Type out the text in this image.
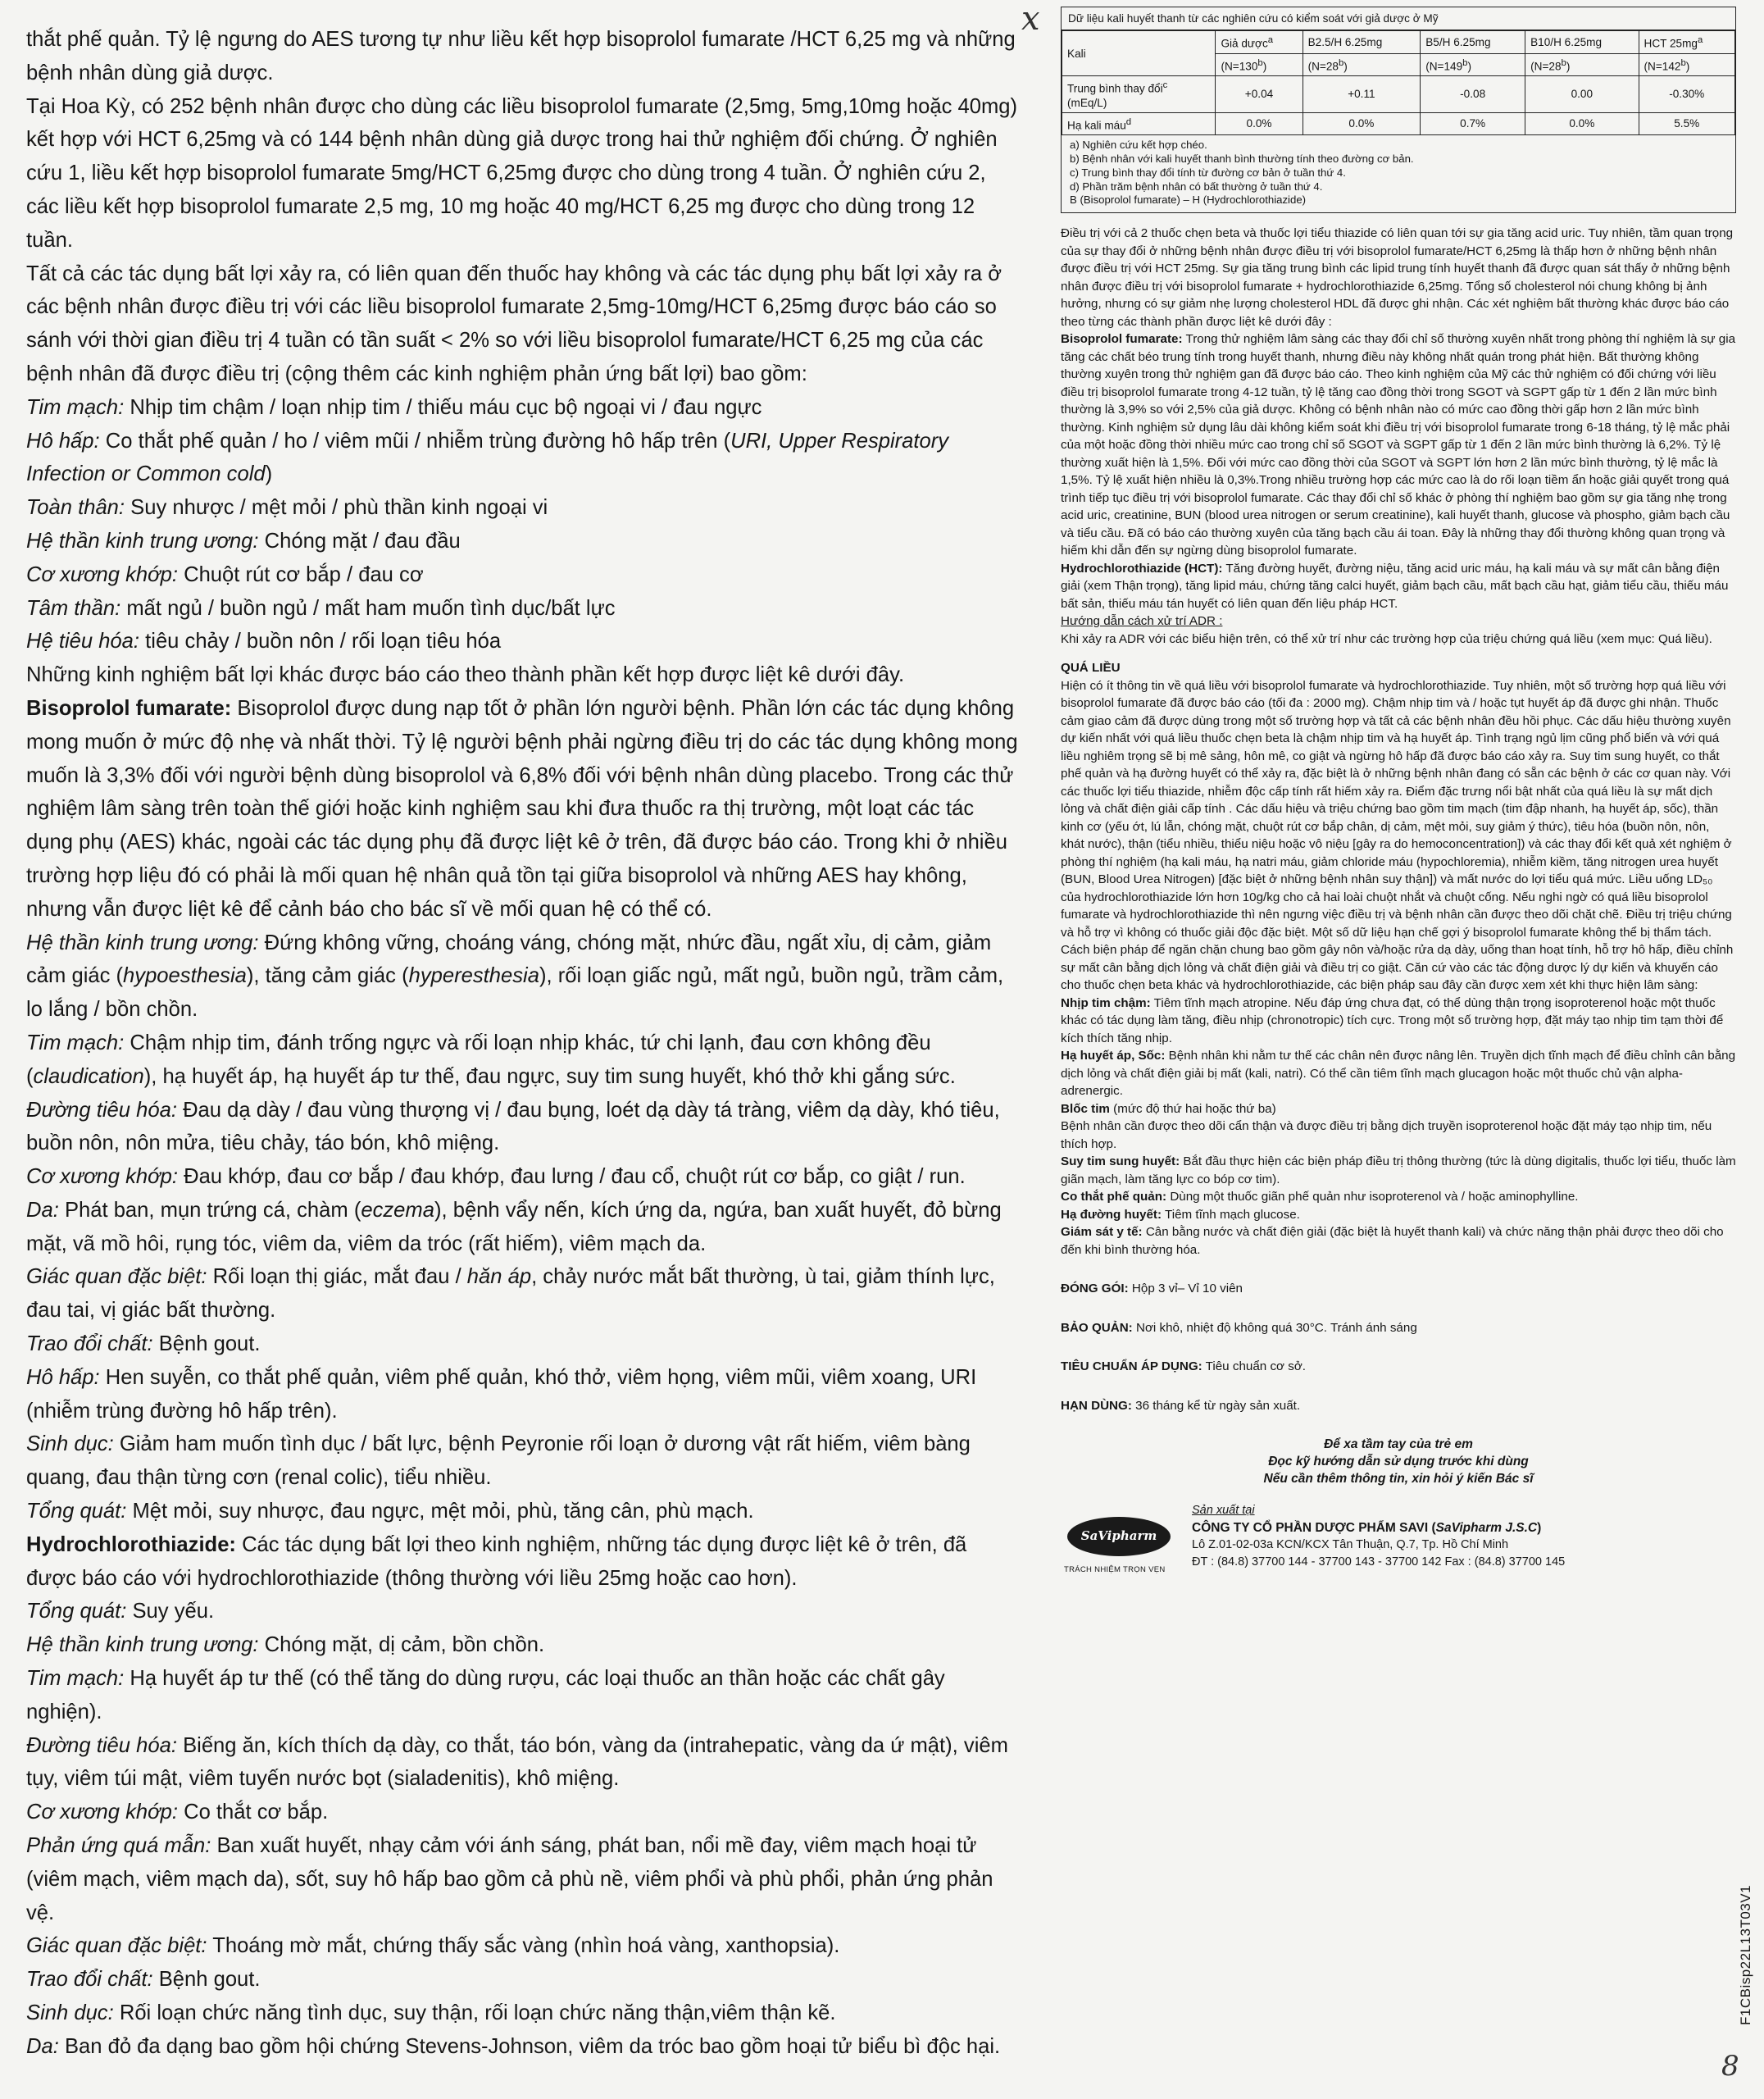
x

thắt phế quản. Tỷ lệ ngưng do AES tương tự như liều kết hợp bisoprolol fumarate /HCT 6,25 mg và những bệnh nhân dùng giả dược.

Tại Hoa Kỳ, có 252 bệnh nhân được cho dùng các liều bisoprolol fumarate (2,5mg, 5mg,10mg hoặc 40mg) kết hợp với HCT 6,25mg và có 144 bệnh nhân dùng giả dược trong hai thử nghiệm đối chứng. Ở nghiên cứu 1, liều kết hợp bisoprolol fumarate 5mg/HCT 6,25mg được cho dùng trong 4 tuần. Ở nghiên cứu 2, các liều kết hợp bisoprolol fumarate 2,5 mg, 10 mg hoặc 40 mg/HCT 6,25 mg được cho dùng trong 12 tuần.

Tất cả các tác dụng bất lợi xảy ra, có liên quan đến thuốc hay không và các tác dụng phụ bất lợi xảy ra ở các bệnh nhân được điều trị với các liều bisoprolol fumarate 2,5mg-10mg/HCT 6,25mg được báo cáo so sánh với thời gian điều trị 4 tuần có tần suất < 2% so với liều bisoprolol fumarate/HCT 6,25 mg của các bệnh nhân đã được điều trị (cộng thêm các kinh nghiệm phản ứng bất lợi) bao gồm:

Tim mạch: Nhịp tim chậm / loạn nhịp tim / thiếu máu cục bộ ngoại vi / đau ngực

Hô hấp: Co thắt phế quản / ho / viêm mũi / nhiễm trùng đường hô hấp trên (URI, Upper Respiratory Infection or Common cold)

Toàn thân: Suy nhược / mệt mỏi / phù thần kinh ngoại vi

Hệ thần kinh trung ương: Chóng mặt / đau đầu

Cơ xương khớp: Chuột rút cơ bắp / đau cơ

Tâm thần: mất ngủ / buồn ngủ / mất ham muốn tình dục/bất lực

Hệ tiêu hóa: tiêu chảy / buồn nôn / rối loạn tiêu hóa

Những kinh nghiệm bất lợi khác được báo cáo theo thành phần kết hợp được liệt kê dưới đây.

Bisoprolol fumarate: Bisoprolol được dung nạp tốt ở phần lớn người bệnh. Phần lớn các tác dụng không mong muốn ở mức độ nhẹ và nhất thời. Tỷ lệ người bệnh phải ngừng điều trị do các tác dụng không mong muốn là 3,3% đối với người bệnh dùng bisoprolol và 6,8% đối với bệnh nhân dùng placebo. Trong các thử nghiệm lâm sàng trên toàn thế giới hoặc kinh nghiệm sau khi đưa thuốc ra thị trường, một loạt các tác dụng phụ (AES) khác, ngoài các tác dụng phụ đã được liệt kê ở trên, đã được báo cáo. Trong khi ở nhiều trường hợp liệu đó có phải là mối quan hệ nhân quả tồn tại giữa bisoprolol và những AES hay không, nhưng vẫn được liệt kê để cảnh báo cho bác sĩ về mối quan hệ có thể có.

Hệ thần kinh trung ương: Đứng không vững, choáng váng, chóng mặt, nhức đầu, ngất xỉu, dị cảm, giảm cảm giác (hypoesthesia), tăng cảm giác (hyperesthesia), rối loạn giấc ngủ, mất ngủ, buồn ngủ, trầm cảm, lo lắng / bồn chồn.

Tim mạch: Chậm nhịp tim, đánh trống ngực và rối loạn nhịp khác, tứ chi lạnh, đau cơn không đều (claudication), hạ huyết áp, hạ huyết áp tư thế, đau ngực, suy tim sung huyết, khó thở khi gắng sức.

Đường tiêu hóa: Đau dạ dày / đau vùng thượng vị / đau bụng, loét dạ dày tá tràng, viêm dạ dày, khó tiêu, buồn nôn, nôn mửa, tiêu chảy, táo bón, khô miệng.

Cơ xương khớp: Đau khớp, đau cơ bắp / đau khớp, đau lưng / đau cổ, chuột rút cơ bắp, co giật / run.

Da: Phát ban, mụn trứng cá, chàm (eczema), bệnh vẩy nến, kích ứng da, ngứa, ban xuất huyết, đỏ bừng mặt, vã mồ hôi, rụng tóc, viêm da, viêm da tróc (rất hiếm), viêm mạch da.

Giác quan đặc biệt: Rối loạn thị giác, mắt đau / hăn áp, chảy nước mắt bất thường, ù tai, giảm thính lực, đau tai, vị giác bất thường.

Trao đổi chất: Bệnh gout.

Hô hấp: Hen suyễn, co thắt phế quản, viêm phế quản, khó thở, viêm họng, viêm mũi, viêm xoang, URI (nhiễm trùng đường hô hấp trên).

Sinh dục: Giảm ham muốn tình dục / bất lực, bệnh Peyronie rối loạn ở dương vật rất hiếm, viêm bàng quang, đau thận từng cơn (renal colic), tiểu nhiều.

Tổng quát: Mệt mỏi, suy nhược, đau ngực, mệt mỏi, phù, tăng cân, phù mạch.

Hydrochlorothiazide: Các tác dụng bất lợi theo kinh nghiệm, những tác dụng được liệt kê ở trên, đã được báo cáo với hydrochlorothiazide (thông thường với liều 25mg hoặc cao hơn).

Tổng quát: Suy yếu.

Hệ thần kinh trung ương: Chóng mặt, dị cảm, bồn chồn.

Tim mạch: Hạ huyết áp tư thế (có thể tăng do dùng rượu, các loại thuốc an thần hoặc các chất gây nghiện).

Đường tiêu hóa: Biếng ăn, kích thích dạ dày, co thắt, táo bón, vàng da (intrahepatic, vàng da ứ mật), viêm tụy, viêm túi mật, viêm tuyến nước bọt (sialadenitis), khô miệng.

Cơ xương khớp: Co thắt cơ bắp.

Phản ứng quá mẫn: Ban xuất huyết, nhạy cảm với ánh sáng, phát ban, nổi mề đay, viêm mạch hoại tử (viêm mạch, viêm mạch da), sốt, suy hô hấp bao gồm cả phù nề, viêm phổi và phù phổi, phản ứng phản vệ.

Giác quan đặc biệt: Thoáng mờ mắt, chứng thấy sắc vàng (nhìn hoá vàng, xanthopsia).

Trao đổi chất: Bệnh gout.

Sinh dục: Rối loạn chức năng tình dục, suy thận, rối loạn chức năng thận,viêm thận kẽ.

Da: Ban đỏ đa dạng bao gồm hội chứng Stevens-Johnson, viêm da tróc bao gồm hoại tử biểu bì độc hại.

Dữ liệu kali huyết thanh từ các nghiên cứu có kiểm soát với giả dược ở Mỹ
Kali	Giả dược$^a$	B2.5/H 6.25mg	B5/H 6.25mg	B10/H 6.25mg	HCT $25mg^a$
	$(N=130^b)$	$(N=28^b)$	$(N=149^b)$	$(N=28^b)$	$(N=142^b)$
Trung bình thay đổi$^c$
(mEq/L)	+0.04	+0.11	-0.08	0.00	-0.30%
Hạ kali máu$^d$	0.0%	0.0%	0.7%	0.0%	5.5%
a) Nghiên cứu kết hợp chéo.
b) Bệnh nhân với kali huyết thanh bình thường tính theo đường cơ bản.
c) Trung bình thay đổi tính từ đường cơ bản ở tuần thứ 4.
d) Phần trăm bệnh nhân có bất thường ở tuần thứ 4.
B (Bisoprolol fumarate) – H (Hydrochlorothiazide)

Điều trị với cả 2 thuốc chẹn beta và thuốc lợi tiểu thiazide có liên quan tới sự gia tăng acid uric. Tuy nhiên, tầm quan trọng của sự thay đổi ở những bệnh nhân được điều trị với bisoprolol fumarate/HCT 6,25mg là thấp hơn ở những bệnh nhân được điều trị với HCT 25mg. Sự gia tăng trung bình các lipid trung tính huyết thanh đã được quan sát thấy ở những bệnh nhân được điều trị với bisoprolol fumarate + hydrochlorothiazide 6,25mg. Tổng số cholesterol nói chung không bị ảnh hưởng, nhưng có sự giảm nhẹ lượng cholesterol HDL đã được ghi nhận. Các xét nghiệm bất thường khác được báo cáo theo từng các thành phần được liệt kê dưới đây :

Bisoprolol fumarate: Trong thử nghiệm lâm sàng các thay đổi chỉ số thường xuyên nhất trong phòng thí nghiệm là sự gia tăng các chất béo trung tính trong huyết thanh, nhưng điều này không nhất quán trong phát hiện. Bất thường không thường xuyên trong thử nghiệm gan đã được báo cáo. Theo kinh nghiệm của Mỹ các thử nghiệm có đối chứng với liều điều trị bisoprolol fumarate trong 4-12 tuần, tỷ lệ tăng cao đồng thời trong SGOT và SGPT gấp từ 1 đến 2 lần mức bình thường là 3,9% so với 2,5% của giả dược. Không có bệnh nhân nào có mức cao đồng thời gấp hơn 2 lần mức bình thường. Kinh nghiệm sử dụng lâu dài không kiểm soát khi điều trị với bisoprolol fumarate trong 6-18 tháng, tỷ lệ mắc phải của một hoặc đồng thời nhiều mức cao trong chỉ số SGOT và SGPT gấp từ 1 đến 2 lần mức bình thường là 6,2%. Tỷ lệ thường xuất hiện là 1,5%. Đối với mức cao đồng thời của SGOT và SGPT lớn hơn 2 lần mức bình thường, tỷ lệ mắc là 1,5%. Tỷ lệ xuất hiện nhiều là 0,3%.Trong nhiều trường hợp các mức cao là do rối loạn tiềm ẩn hoặc giải quyết trong quá trình tiếp tục điều trị với bisoprolol fumarate. Các thay đổi chỉ số khác ở phòng thí nghiệm bao gồm sự gia tăng nhẹ trong acid uric, creatinine, BUN (blood urea nitrogen or serum creatinine), kali huyết thanh, glucose và phospho, giảm bạch cầu và tiểu cầu. Đã có báo cáo thường xuyên của tăng bạch cầu ái toan. Đây là những thay đổi thường không quan trọng và hiếm khi dẫn đến sự ngừng dùng bisoprolol fumarate.

Hydrochlorothiazide (HCT): Tăng đường huyết, đường niệu, tăng acid uric máu, hạ kali máu và sự mất cân bằng điện giải (xem Thận trọng), tăng lipid máu, chứng tăng calci huyết, giảm bạch cầu, mất bạch cầu hạt, giảm tiểu cầu, thiếu máu bất sản, thiếu máu tán huyết có liên quan đến liệu pháp HCT.

Hướng dẫn cách xử trí ADR :

Khi xảy ra ADR với các biểu hiện trên, có thể xử trí như các trường hợp của triệu chứng quá liều (xem mục: Quá liều).

QUÁ LIỀU

Hiện có ít thông tin về quá liều với bisoprolol fumarate và hydrochlorothiazide. Tuy nhiên, một số trường hợp quá liều với bisoprolol fumarate đã được báo cáo (tối đa : 2000 mg). Chậm nhịp tim và / hoặc tụt huyết áp đã được ghi nhận. Thuốc cảm giao cảm đã được dùng trong một số trường hợp và tất cả các bệnh nhân đều hồi phục. Các dấu hiệu thường xuyên dự kiến nhất với quá liều thuốc chẹn beta là chậm nhịp tim và hạ huyết áp. Tình trạng ngủ lịm cũng phổ biến và với quá liều nghiêm trọng sẽ bị mê sảng, hôn mê, co giật và ngừng hô hấp đã được báo cáo xảy ra. Suy tim sung huyết, co thắt phế quản và hạ đường huyết có thể xảy ra, đặc biệt là ở những bệnh nhân đang có sẵn các bệnh ở các cơ quan này. Với các thuốc lợi tiểu thiazide, nhiễm độc cấp tính rất hiếm xảy ra. Điểm đặc trưng nổi bật nhất của quá liều là sự mất dịch lỏng và chất điện giải cấp tính . Các dấu hiệu và triệu chứng bao gồm tim mạch (tim đập nhanh, hạ huyết áp, sốc), thần kinh cơ (yếu ớt, lú lẫn, chóng mặt, chuột rút cơ bắp chân, dị cảm, mệt mỏi, suy giảm ý thức), tiêu hóa (buồn nôn, nôn, khát nước), thận (tiểu nhiều, thiểu niệu hoặc vô niệu [gây ra do hemoconcentration]) và các thay đổi kết quả xét nghiệm ở phòng thí nghiệm (hạ kali máu, hạ natri máu, giảm chloride máu (hypochloremia), nhiễm kiềm, tăng nitrogen urea huyết (BUN, Blood Urea Nitrogen) [đặc biệt ở những bệnh nhân suy thận]) và mất nước do lợi tiểu quá mức. Liều uống LD₅₀ của hydrochlorothiazide lớn hơn 10g/kg cho cả hai loài chuột nhắt và chuột cống. Nếu nghi ngờ có quá liều bisoprolol fumarate và hydrochlorothiazide thì nên ngưng việc điều trị và bệnh nhân cần được theo dõi chặt chẽ. Điều trị triệu chứng và hỗ trợ vì không có thuốc giải độc đặc biệt. Một số dữ liệu hạn chế gợi ý bisoprolol fumarate không thể bị thẩm tách. Cách biện pháp để ngăn chặn chung bao gồm gây nôn và/hoặc rửa dạ dày, uống than hoạt tính, hỗ trợ hô hấp, điều chỉnh sự mất cân bằng dịch lỏng và chất điện giải và điều trị co giật. Căn cứ vào các tác động dược lý dự kiến và khuyến cáo cho thuốc chẹn beta khác và hydrochlorothiazide, các biện pháp sau đây cần được xem xét khi thực hiện lâm sàng:

Nhịp tim chậm: Tiêm tĩnh mạch atropine. Nếu đáp ứng chưa đạt, có thể dùng thận trọng isoproterenol hoặc một thuốc khác có tác dụng làm tăng, điều nhịp (chronotropic) tích cực. Trong một số trường hợp, đặt máy tạo nhịp tim tạm thời để kích thích tăng nhịp.

Hạ huyết áp, Sốc: Bệnh nhân khi nằm tư thế các chân nên được nâng lên. Truyền dịch tĩnh mạch để điều chỉnh cân bằng dịch lỏng và chất điện giải bị mất (kali, natri). Có thể cần tiêm tĩnh mạch glucagon hoặc một thuốc chủ vận alpha-adrenergic.

Blốc tim (mức độ thứ hai hoặc thứ ba)

Bệnh nhân cần được theo dõi cẩn thận và được điều trị bằng dịch truyền isoproterenol hoặc đặt máy tạo nhịp tim, nếu thích hợp.

Suy tim sung huyết: Bắt đầu thực hiện các biện pháp điều trị thông thường (tức là dùng digitalis, thuốc lợi tiểu, thuốc làm giãn mạch, làm tăng lực co bóp cơ tim).

Co thắt phế quản: Dùng một thuốc giãn phế quản như isoproterenol và / hoặc aminophylline.

Hạ đường huyết: Tiêm tĩnh mạch glucose.

Giám sát y tế: Cân bằng nước và chất điện giải (đặc biệt là huyết thanh kali) và chức năng thận phải được theo dõi cho đến khi bình thường hóa.

ĐÓNG GÓI: Hộp 3 vỉ– Vỉ 10 viên

BẢO QUẢN: Nơi khô, nhiệt độ không quá 30°C. Tránh ánh sáng

TIÊU CHUẨN ÁP DỤNG: Tiêu chuẩn cơ sở.

HẠN DÙNG: 36 tháng kể từ ngày sản xuất.

Để xa tầm tay của trẻ em
Đọc kỹ hướng dẫn sử dụng trước khi dùng
Nếu cần thêm thông tin, xin hỏi ý kiến Bác sĩ
SaVipharm
TRÁCH NHIỆM TRỌN VẸN
Sản xuất tại
CÔNG TY CỔ PHẦN DƯỢC PHẨM SAVI (SaVipharm J.S.C)
Lô Z.01-02-03a KCN/KCX Tân Thuận, Q.7, Tp. Hồ Chí Minh
ĐT : (84.8) 37700 144 - 37700 143 - 37700 142 Fax : (84.8) 37700 145
F1CBisp22L13T03V1
8
